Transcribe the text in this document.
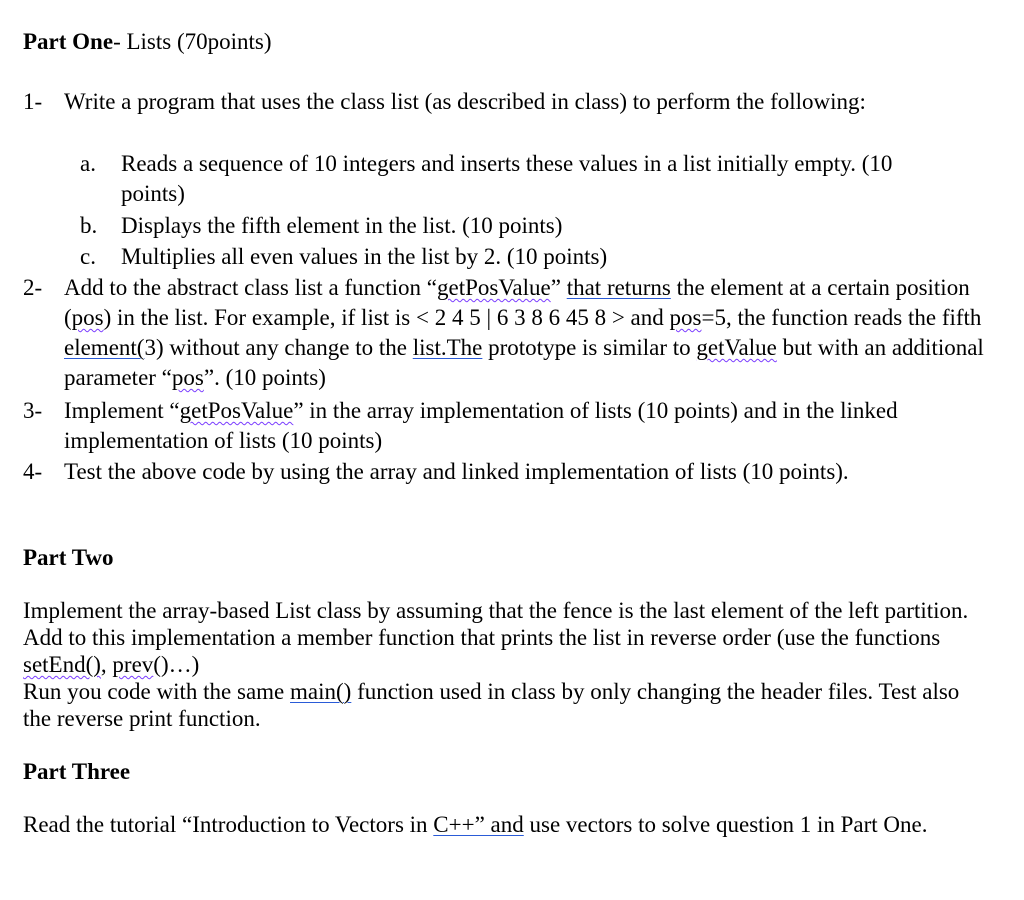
Part One- Lists (70points)
1- Write a program that uses the class list (as described in class) to perform the following:
a. Reads a sequence of 10 integers and inserts these values in a list initially empty. (10 points)
b. Displays the fifth element in the list. (10 points)
c. Multiplies all even values in the list by 2. (10 points)
2- Add to the abstract class list a function “getPosValue” that returns the element at a certain position (pos) in the list. For example, if list is < 2 4 5 | 6 3 8 6 45 8 > and pos=5, the function reads the fifth element(3) without any change to the list.The prototype is similar to getValue but with an additional parameter “pos”. (10 points)
3- Implement “getPosValue” in the array implementation of lists (10 points) and in the linked implementation of lists (10 points)
4- Test the above code by using the array and linked implementation of lists (10 points).
Part Two
Implement the array-based List class by assuming that the fence is the last element of the left partition. Add to this implementation a member function that prints the list in reverse order (use the functions setEnd(), prev()…)
Run you code with the same main() function used in class by only changing the header files. Test also the reverse print function.
Part Three
Read the tutorial “Introduction to Vectors in C++” and use vectors to solve question 1 in Part One.
